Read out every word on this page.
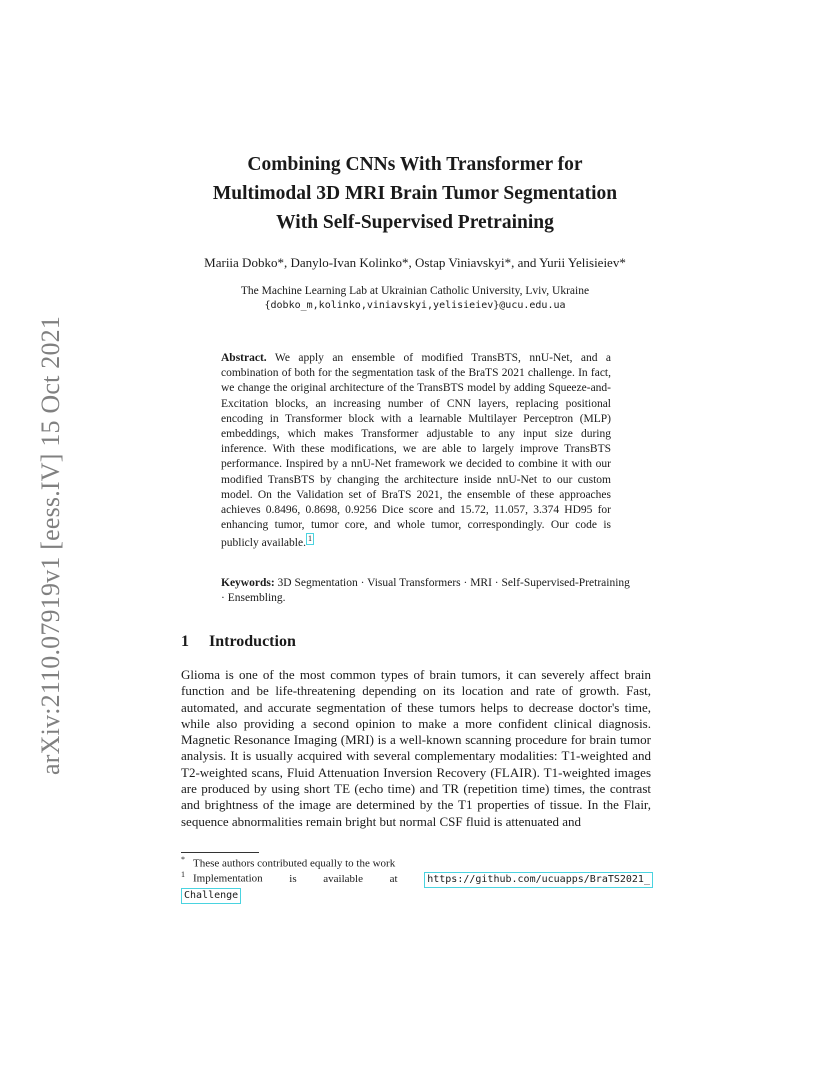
arXiv:2110.07919v1 [eess.IV] 15 Oct 2021
Combining CNNs With Transformer for
Multimodal 3D MRI Brain Tumor Segmentation
With Self-Supervised Pretraining
Mariia Dobko*, Danylo-Ivan Kolinko*, Ostap Viniavskyi*, and Yurii Yelisieiev*
The Machine Learning Lab at Ukrainian Catholic University, Lviv, Ukraine
{dobko_m,kolinko,viniavskyi,yelisieiev}@ucu.edu.ua

Abstract. We apply an ensemble of modified TransBTS, nnU-Net, and a combination of both for the segmentation task of the BraTS 2021 challenge. In fact, we change the original architecture of the TransBTS model by adding Squeeze-and-Excitation blocks, an increasing number of CNN layers, replacing positional encoding in Transformer block with a learnable Multilayer Perceptron (MLP) embeddings, which makes Transformer adjustable to any input size during inference. With these modifications, we are able to largely improve TransBTS performance. Inspired by a nnU-Net framework we decided to combine it with our modified TransBTS by changing the architecture inside nnU-Net to our custom model. On the Validation set of BraTS 2021, the ensemble of these approaches achieves 0.8496, 0.8698, 0.9256 Dice score and 15.72, 11.057, 3.374 HD95 for enhancing tumor, tumor core, and whole tumor, correspondingly. Our code is publicly available. 1

Keywords: 3D Segmentation · Visual Transformers · MRI · Self-Supervised-Pretraining · Ensembling.

1 Introduction

Glioma is one of the most common types of brain tumors, it can severely affect brain function and be life-threatening depending on its location and rate of growth. Fast, automated, and accurate segmentation of these tumors helps to decrease doctor's time, while also providing a second opinion to make a more confident clinical diagnosis. Magnetic Resonance Imaging (MRI) is a well-known scanning procedure for brain tumor analysis. It is usually acquired with several complementary modalities: T1-weighted and T2-weighted scans, Fluid Attenuation Inversion Recovery (FLAIR). T1-weighted images are produced by using short TE (echo time) and TR (repetition time) times, the contrast and brightness of the image are determined by the T1 properties of tissue. In the Flair, sequence abnormalities remain bright but normal CSF fluid is attenuated and

* These authors contributed equally to the work

1 Implementation is available at	https://github.com/ucuapps/BraTS2021_
Challenge
